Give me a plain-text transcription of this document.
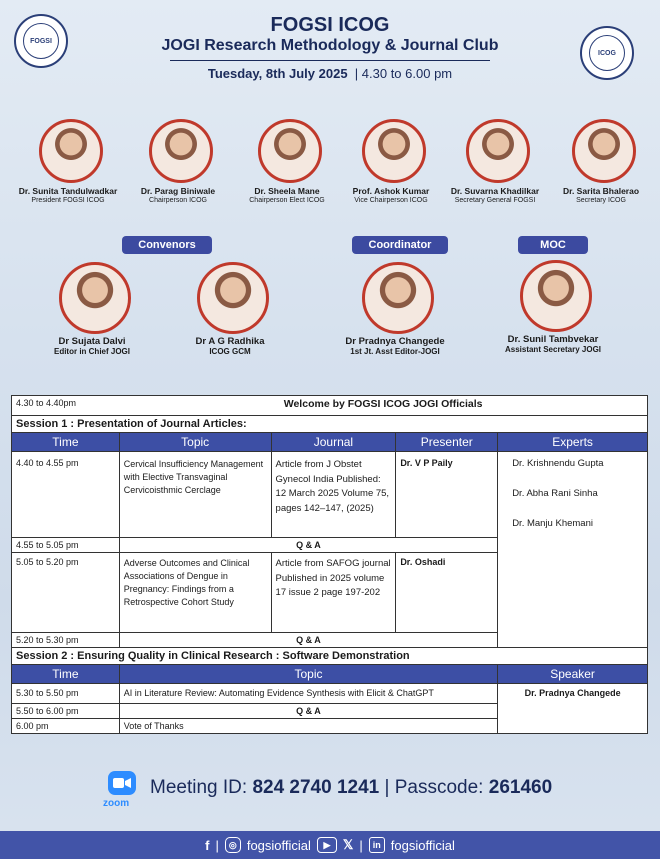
FOGSI
ICOG
FOGSI ICOG
JOGI Research Methodology & Journal Club
Tuesday, 8th July 2025 | 4.30 to 6.00 pm
Dr. Sunita Tandulwadkar
President FOGSI ICOG
Dr. Parag Biniwale
Chairperson ICOG
Dr. Sheela Mane
Chairperson Elect ICOG
Prof. Ashok Kumar
Vice Chairperson ICOG
Dr. Suvarna Khadilkar
Secretary General FOGSI
Dr. Sarita Bhalerao
Secretary ICOG
Convenors	Coordinator	MOC
Dr Sujata Dalvi
Editor in Chief JOGI
Dr A G Radhika
ICOG GCM
Dr Pradnya Changede
1st Jt. Asst Editor-JOGI
Dr. Sunil Tambvekar
Assistant Secretary JOGI
4.30 to 4.40pm	Welcome by FOGSI ICOG JOGI Officials			
Session 1 : Presentation of Journal Articles:				
Time	Topic	Journal	Presenter	Experts
4.40 to 4.55 pm	Cervical Insufficiency Management with Elective Transvaginal Cervicoisthmic Cerclage	Article from J Obstet Gynecol India Published: 12 March 2025 Volume 75, pages 142–147, (2025)	Dr. V P Paily	Dr. Krishnendu Gupta
Dr. Abha Rani Sinha
Dr. Manju Khemani

4.55 to 5.05 pm	Q & A			
5.05 to 5.20 pm	Adverse Outcomes and Clinical Associations of Dengue in Pregnancy: Findings from a Retrospective Cohort Study	Article from SAFOG journal Published in 2025 volume 17 issue 2 page 197-202	Dr. Oshadi	
5.20 to 5.30 pm	Q & A			
Session 2 : Ensuring Quality in Clinical Research : Software Demonstration				
Time	Topic			Speaker
5.30 to 5.50 pm	AI in Literature Review: Automating Evidence Synthesis with Elicit & ChatGPT			Dr. Pradnya Changede
5.50 to 6.00 pm	Q & A			
6.00 pm	Vote of Thanks			
zoom
Meeting ID: 824 2740 1241 | Passcode: 261460
f |	◎ fogsiofficial	▶ 𝕏 |	in fogsiofficial
